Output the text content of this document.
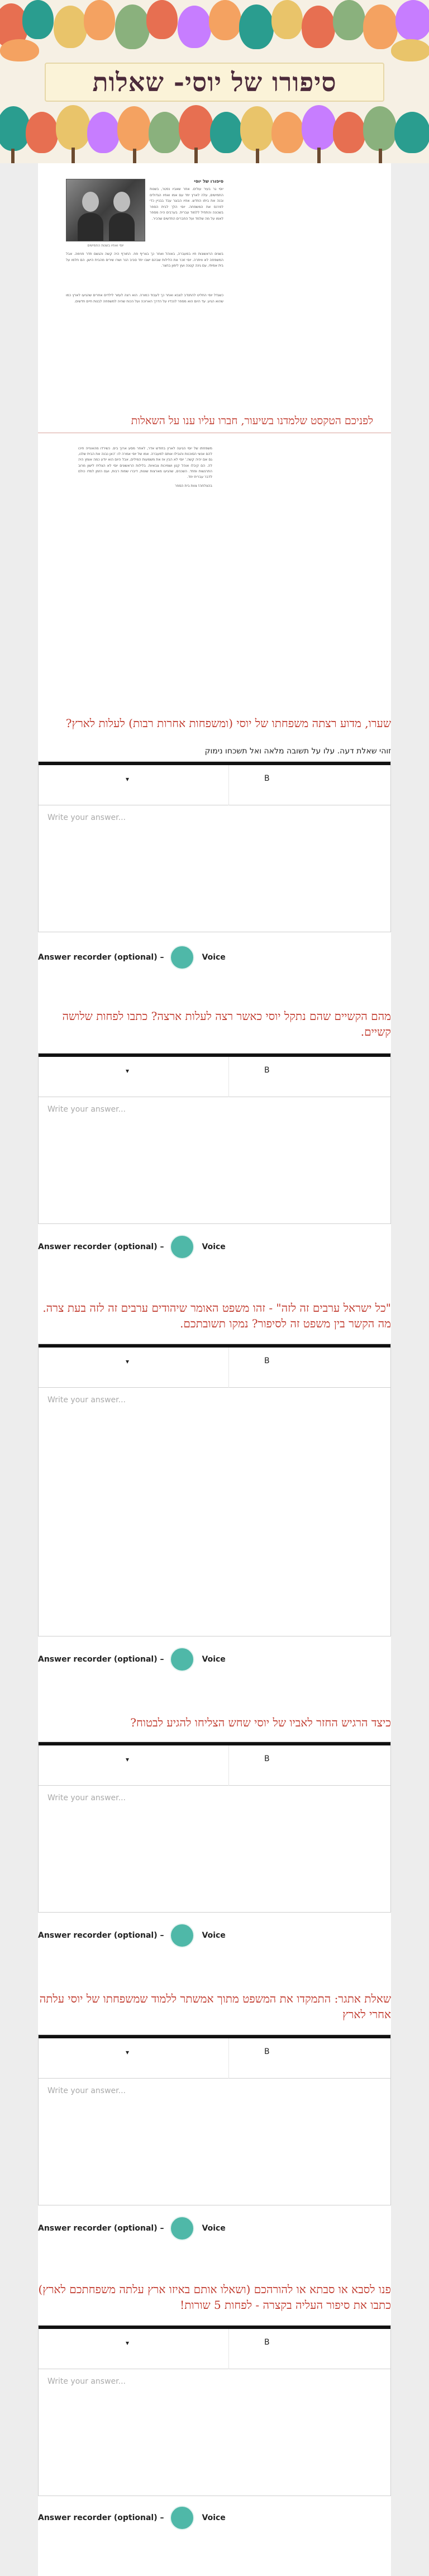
סיפורו של יוסי- שאלות
יוסי ואחיו בשנות החמישים
סיפורו של יוסי
יוסי גר בעיר עולים. אחר שאביו נפטר, בשנות החמישים, עלה לארץ יחד עם אמו ואחיו הגדולים ובנה את ביתו החדש. אחיו הבוגר עבד בבניין כדי לפרנס את המשפחה. יוסי הלך לבית הספר בשכונה והתחיל ללמוד עברית. בערבים היה מספר לאמו על מה שלמד ועל החברים החדשים שהכיר.
בשנים הראשונות חיו במעברה, באוהל ואחר כך בצריף פח. החורף היה קשה והגשם חדר פנימה. אבל המשפחה לא וויתרה. יוסי זוכר את הלילות שבהם ישבו יחד סביב הנר ושרו שירים מהבית הישן. הם חלמו על בית אמיתי, עם גינה קטנה ועץ לימון בחצר.
כשגדל יוסי החליט להתנדב לצבא ואחר כך לעבוד כמורה. הוא רצה לעזור לילדים אחרים שהגיעו לארץ כמו שהוא הגיע. עד היום הוא מספר לנכדיו על הדרך הארוכה ועל הכוח שהיה למשפחה לבנות חיים חדשים.
לפניכם הטקסט שלמדנו בשיעור, חברו עליו ענו על השאלות
משפחתו של יוסי הגיעה לארץ בחודש אדר, לאחר מסע ארוך בים. כשירדו מהאונייה חיכו להם אנשי הסוכנות והובילו אותם למעברה. אמו של יוסי אמרה לו: 'כאן נבנה את הבית שלנו, גם אם יהיה קשה.' יוסי לא הבין אז את משמעות המילים, אבל היום הוא יודע כמה אומץ היה לה. הם קיבלו אוהל קטן ושמיכות צבאיות. בלילות הראשונים יוסי לא הצליח לישון מרוב התרגשות ופחד. השכנים, שהגיעו מארצות שונות, דיברו שפות רבות, ועם הזמן למדו כולם לדבר עברית יחד.
בהצלחה! צוות בית הספר
שערו, מדוע רצתה משפחתו של יוסי (ומשפחות אחרות רבות) לעלות לארץ?
זוהי שאלת דעה. עלו על תשובה מלאה ואל תשכחו נימוק
▾	B
Write your answer...
Answer recorder (optional) –	Voice
מהם הקשיים שהם נתקל יוסי כאשר רצה לעלות ארצה? כתבו לפחות שלושה קשיים.
▾	B
Write your answer...
Answer recorder (optional) –	Voice
"כל ישראל ערבים זה לזה" - זהו משפט האומר שיהודים ערבים זה לזה בעת צרה. מה הקשר בין משפט זה לסיפור? נמקו תשובתכם.
▾	B
Write your answer...
Answer recorder (optional) –	Voice
כיצד הרגיש החזר לאביו של יוסי שחש הצליחו להגיע לבטוח?
▾	B
Write your answer...
Answer recorder (optional) –	Voice
שאלת אתגר: התמקדו את המשפט מתוך אמשתר ללמוד שמשפחתו של יוסי עלתה אחרי לארץ
▾	B
Write your answer...
Answer recorder (optional) –	Voice
פנו לסבא או סבתא או להורהכם (ושאלו אותם באיזו ארץ עלתה משפחתכם לארץ) כתבו את סיפור העליה בקצרה - לפחות 5 שורות!
▾	B
Write your answer...
Answer recorder (optional) –	Voice
